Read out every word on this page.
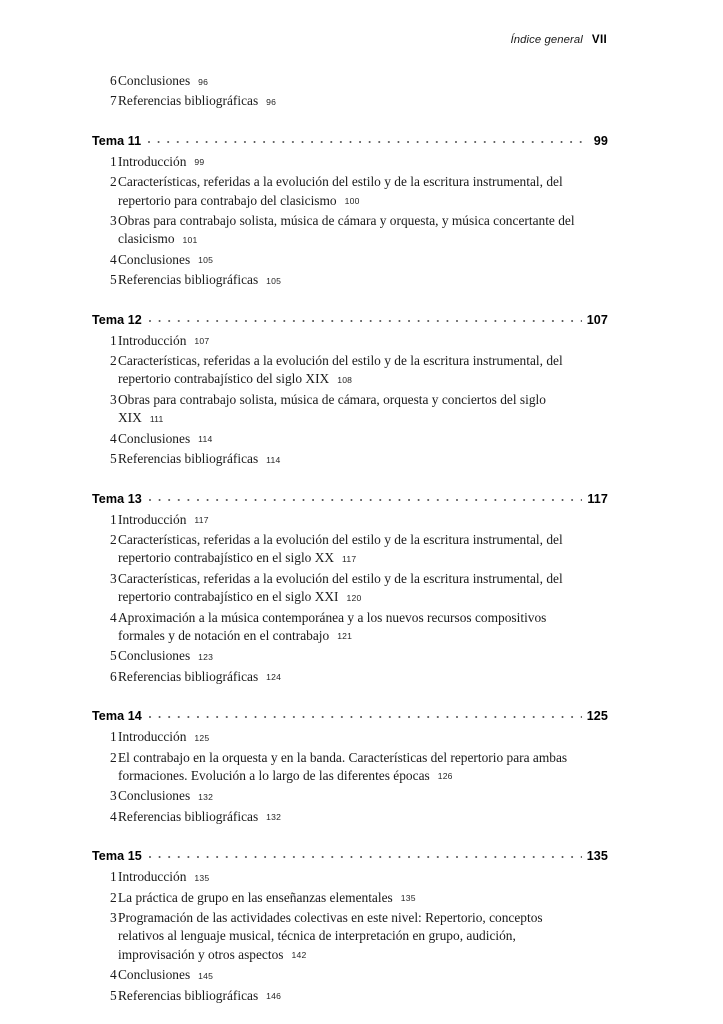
Índice general VII
6 Conclusiones 96
7 Referencias bibliográficas 96
Tema 11	99
1 Introducción 99
2 Características, referidas a la evolución del estilo y de la escritura instrumental, del repertorio para contrabajo del clasicismo 100
3 Obras para contrabajo solista, música de cámara y orquesta, y música concertante del clasicismo 101
4 Conclusiones 105
5 Referencias bibliográficas 105
Tema 12	107
1 Introducción 107
2 Características, referidas a la evolución del estilo y de la escritura instrumental, del repertorio contrabajístico del siglo XIX 108
3 Obras para contrabajo solista, música de cámara, orquesta y conciertos del siglo XIX 111
4 Conclusiones 114
5 Referencias bibliográficas 114
Tema 13	117
1 Introducción 117
2 Características, referidas a la evolución del estilo y de la escritura instrumental, del repertorio contrabajístico en el siglo XX 117
3 Características, referidas a la evolución del estilo y de la escritura instrumental, del repertorio contrabajístico en el siglo XXI 120
4 Aproximación a la música contemporánea y a los nuevos recursos compositivos formales y de notación en el contrabajo 121
5 Conclusiones 123
6 Referencias bibliográficas 124
Tema 14	125
1 Introducción 125
2 El contrabajo en la orquesta y en la banda. Características del repertorio para ambas formaciones. Evolución a lo largo de las diferentes épocas 126
3 Conclusiones 132
4 Referencias bibliográficas 132
Tema 15	135
1 Introducción 135
2 La práctica de grupo en las enseñanzas elementales 135
3 Programación de las actividades colectivas en este nivel: Repertorio, conceptos relativos al lenguaje musical, técnica de interpretación en grupo, audición, improvisación y otros aspectos 142
4 Conclusiones 145
5 Referencias bibliográficas 146
